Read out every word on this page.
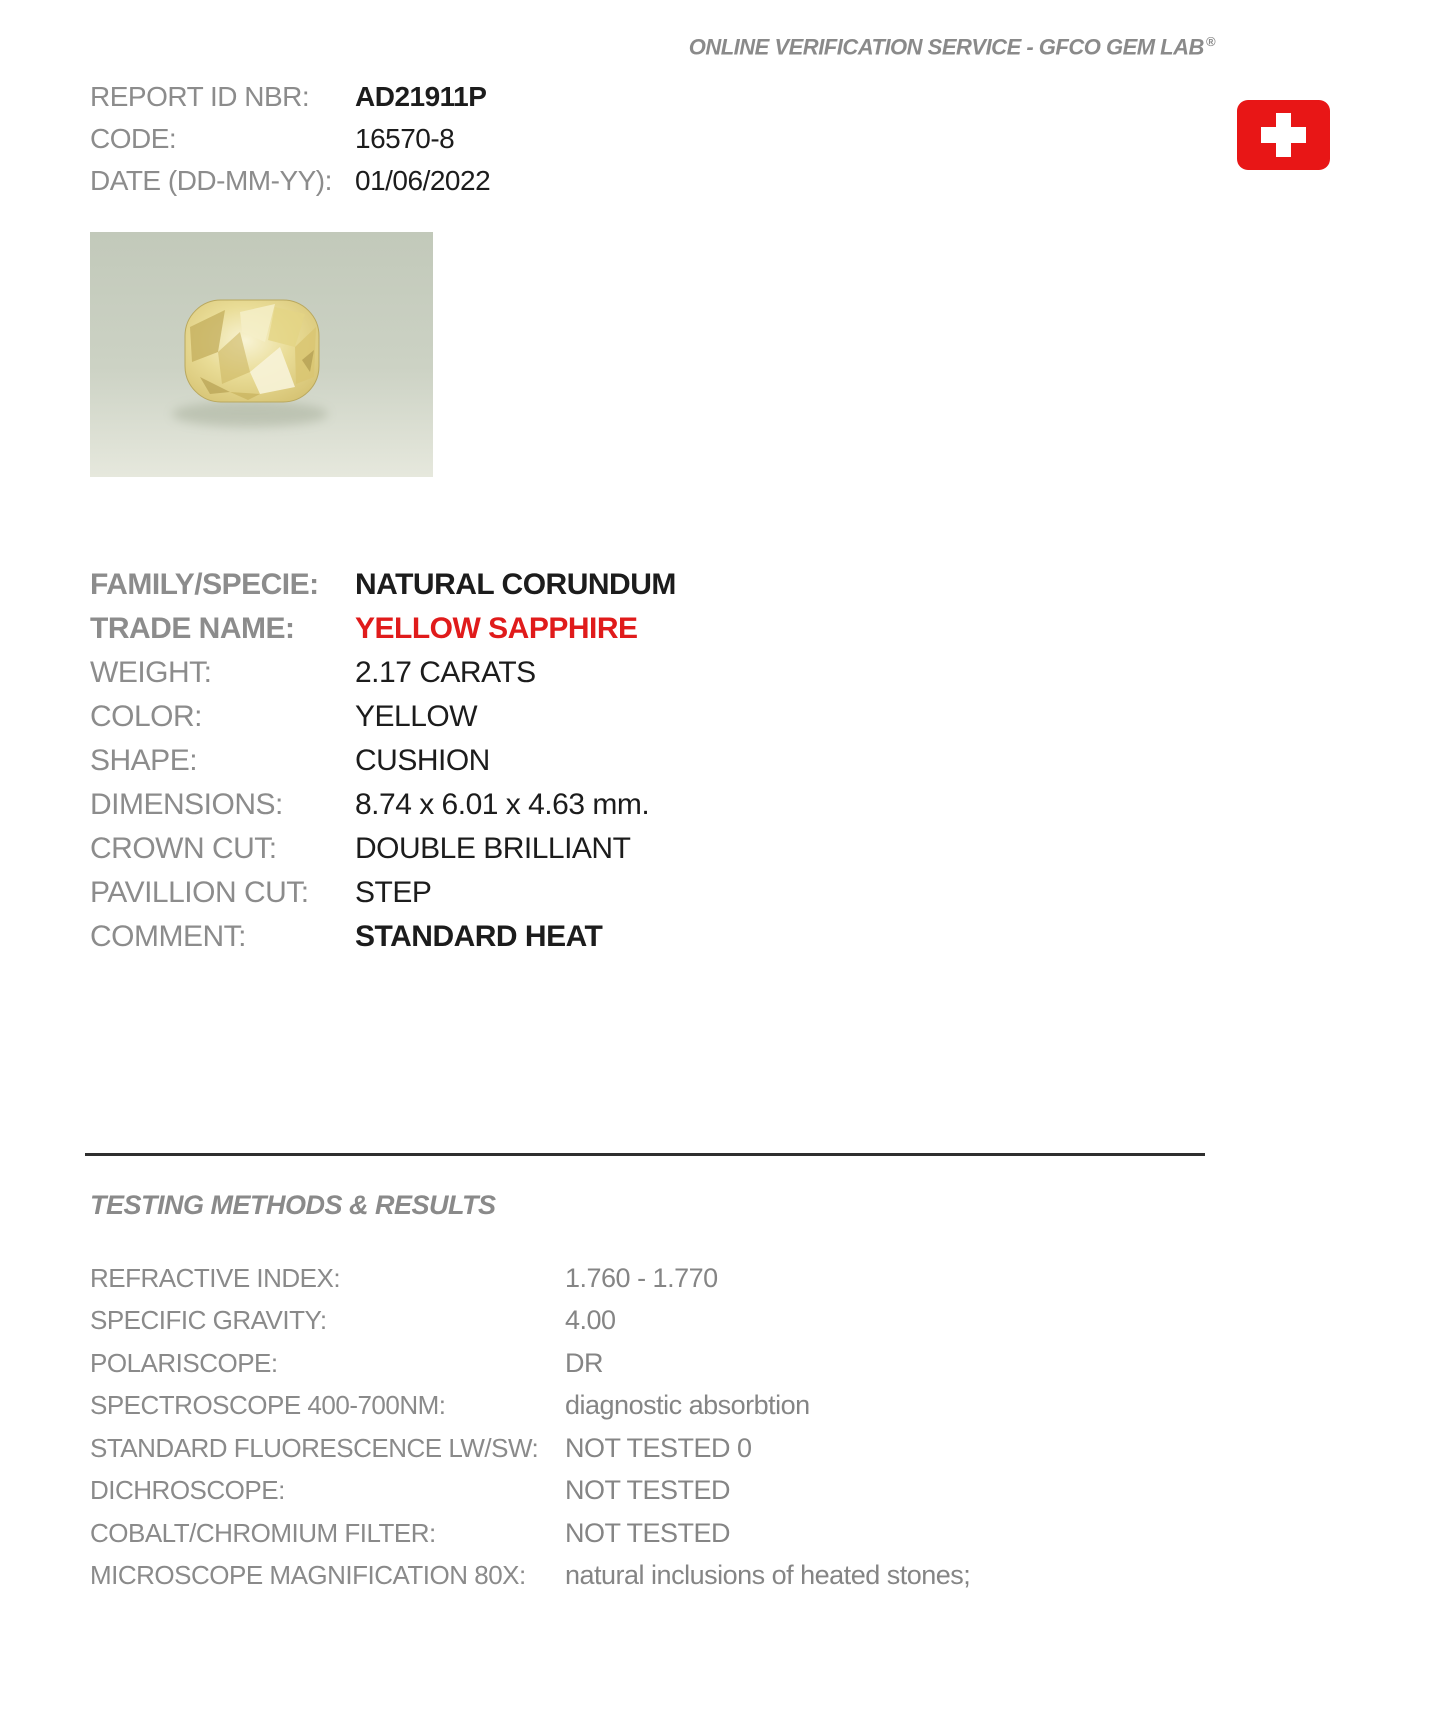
ONLINE VERIFICATION SERVICE - GFCO GEM LAB ®
REPORT ID NBR:	AD21911P
CODE:	16570-8
DATE (DD-MM-YY): 01/06/2022
FAMILY/SPECIE:	NATURAL CORUNDUM
TRADE NAME:	YELLOW SAPPHIRE
WEIGHT:	2.17 CARATS
COLOR:	YELLOW
SHAPE:	CUSHION
DIMENSIONS:	8.74 x 6.01 x 4.63 mm.
CROWN CUT:	DOUBLE BRILLIANT
PAVILLION CUT:	STEP
COMMENT:	STANDARD HEAT
TESTING METHODS & RESULTS
REFRACTIVE INDEX:	1.760 - 1.770
SPECIFIC GRAVITY:	4.00
POLARISCOPE:	DR
SPECTROSCOPE 400-700NM:	diagnostic absorbtion
STANDARD FLUORESCENCE LW/SW: NOT TESTED 0
DICHROSCOPE:	NOT TESTED
COBALT/CHROMIUM FILTER:	NOT TESTED
MICROSCOPE MAGNIFICATION 80X:	natural inclusions of heated stones;
